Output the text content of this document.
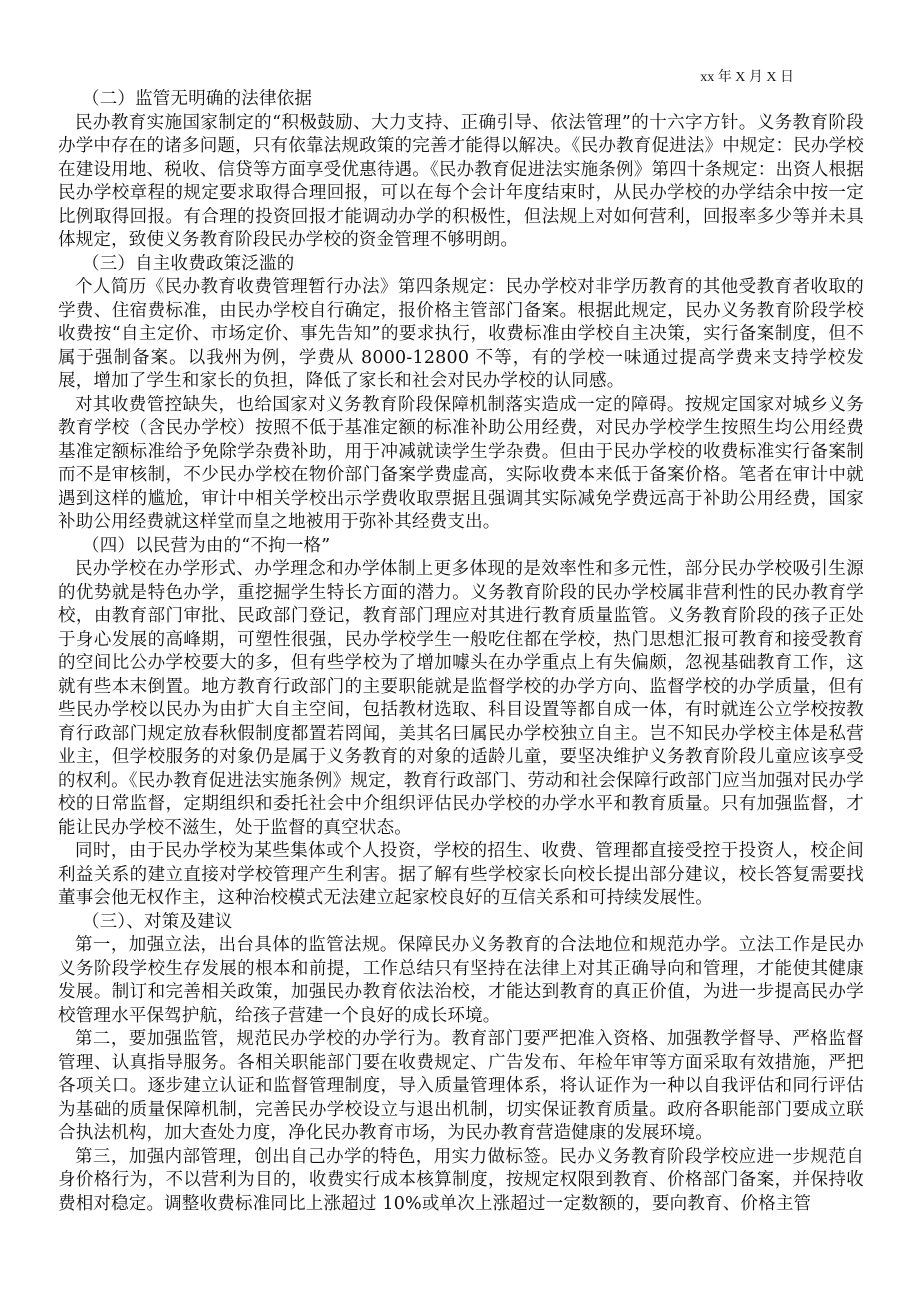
xx 年 X 月 X 日

（二）监管无明确的法律依据

民办教育实施国家制定的“积极鼓励、大力支持、正确引导、依法管理”的十六字方针。义务教育阶段办学中存在的诸多问题，只有依靠法规政策的完善才能得以解决。《民办教育促进法》中规定：民办学校在建设用地、税收、信贷等方面享受优惠待遇。《民办教育促进法实施条例》第四十条规定：出资人根据民办学校章程的规定要求取得合理回报，可以在每个会计年度结束时，从民办学校的办学结余中按一定比例取得回报。有合理的投资回报才能调动办学的积极性，但法规上对如何营利，回报率多少等并未具体规定，致使义务教育阶段民办学校的资金管理不够明朗。

（三）自主收费政策泛滥的

个人简历《民办教育收费管理暂行办法》第四条规定：民办学校对非学历教育的其他受教育者收取的学费、住宿费标准，由民办学校自行确定，报价格主管部门备案。根据此规定，民办义务教育阶段学校收费按“自主定价、市场定价、事先告知”的要求执行，收费标准由学校自主决策，实行备案制度，但不属于强制备案。以我州为例，学费从 8000-12800 不等，有的学校一味通过提高学费来支持学校发展，增加了学生和家长的负担，降低了家长和社会对民办学校的认同感。

对其收费管控缺失，也给国家对义务教育阶段保障机制落实造成一定的障碍。按规定国家对城乡义务教育学校（含民办学校）按照不低于基准定额的标准补助公用经费，对民办学校学生按照生均公用经费基准定额标准给予免除学杂费补助，用于冲减就读学生学杂费。但由于民办学校的收费标准实行备案制而不是审核制，不少民办学校在物价部门备案学费虚高，实际收费本来低于备案价格。笔者在审计中就遇到这样的尴尬，审计中相关学校出示学费收取票据且强调其实际减免学费远高于补助公用经费，国家补助公用经费就这样堂而皇之地被用于弥补其经费支出。

（四）以民营为由的“不拘一格”

民办学校在办学形式、办学理念和办学体制上更多体现的是效率性和多元性，部分民办学校吸引生源的优势就是特色办学，重挖掘学生特长方面的潜力。义务教育阶段的民办学校属非营利性的民办教育学校，由教育部门审批、民政部门登记，教育部门理应对其进行教育质量监管。义务教育阶段的孩子正处于身心发展的高峰期，可塑性很强，民办学校学生一般吃住都在学校，热门思想汇报可教育和接受教育的空间比公办学校要大的多，但有些学校为了增加噱头在办学重点上有失偏颇，忽视基础教育工作，这就有些本末倒置。地方教育行政部门的主要职能就是监督学校的办学方向、监督学校的办学质量，但有些民办学校以民办为由扩大自主空间，包括教材选取、科目设置等都自成一体，有时就连公立学校按教育行政部门规定放春秋假制度都置若罔闻，美其名曰属民办学校独立自主。岂不知民办学校主体是私营业主，但学校服务的对象仍是属于义务教育的对象的适龄儿童，要坚决维护义务教育阶段儿童应该享受的权利。《民办教育促进法实施条例》规定，教育行政部门、劳动和社会保障行政部门应当加强对民办学校的日常监督，定期组织和委托社会中介组织评估民办学校的办学水平和教育质量。只有加强监督，才能让民办学校不滋生，处于监督的真空状态。

同时，由于民办学校为某些集体或个人投资，学校的招生、收费、管理都直接受控于投资人，校企间利益关系的建立直接对学校管理产生利害。据了解有些学校家长向校长提出部分建议，校长答复需要找董事会他无权作主，这种治校模式无法建立起家校良好的互信关系和可持续发展性。

（三）、对策及建议

第一，加强立法，出台具体的监管法规。保障民办义务教育的合法地位和规范办学。立法工作是民办义务阶段学校生存发展的根本和前提，工作总结只有坚持在法律上对其正确导向和管理，才能使其健康发展。制订和完善相关政策，加强民办教育依法治校，才能达到教育的真正价值，为进一步提高民办学校管理水平保驾护航，给孩子营建一个良好的成长环境。

第二，要加强监管，规范民办学校的办学行为。教育部门要严把准入资格、加强教学督导、严格监督管理、认真指导服务。各相关职能部门要在收费规定、广告发布、年检年审等方面采取有效措施，严把各项关口。逐步建立认证和监督管理制度，导入质量管理体系，将认证作为一种以自我评估和同行评估为基础的质量保障机制，完善民办学校设立与退出机制，切实保证教育质量。政府各职能部门要成立联合执法机构，加大查处力度，净化民办教育市场，为民办教育营造健康的发展环境。

第三，加强内部管理，创出自己办学的特色，用实力做标签。民办义务教育阶段学校应进一步规范自身价格行为，不以营利为目的，收费实行成本核算制度，按规定权限到教育、价格部门备案，并保持收费相对稳定。调整收费标准同比上涨超过 10%或单次上涨超过一定数额的，要向教育、价格主管
